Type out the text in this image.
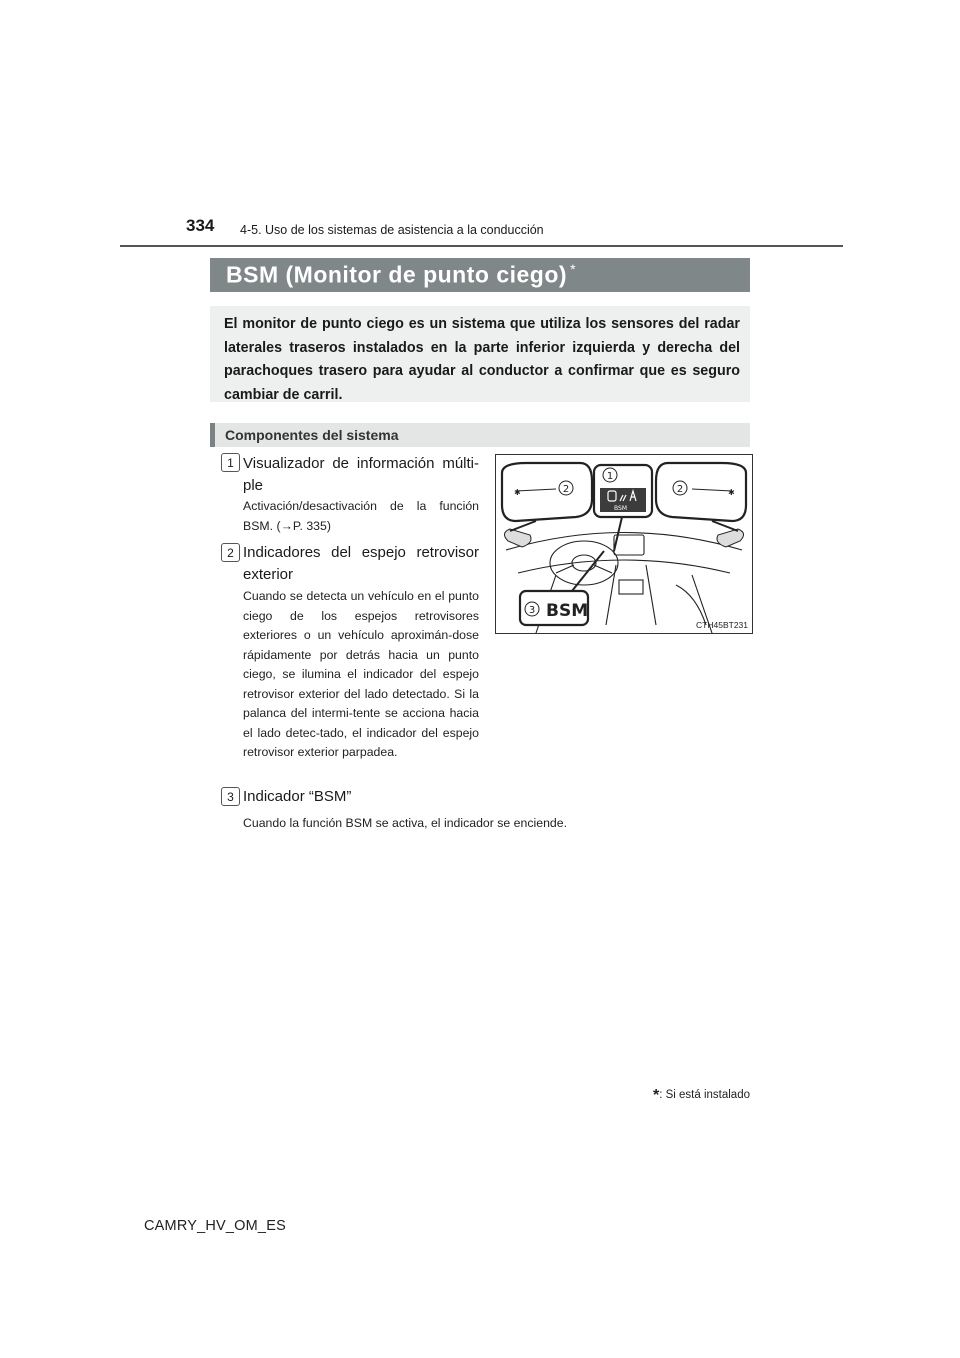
334 4-5. Uso de los sistemas de asistencia a la conducción
BSM (Monitor de punto ciego) *
El monitor de punto ciego es un sistema que utiliza los sensores del radar laterales traseros instalados en la parte inferior izquierda y derecha del parachoques trasero para ayudar al conductor a confirmar que es seguro cambiar de carril.
Componentes del sistema
1 Visualizador de información múlti-ple
Activación/desactivación de la función BSM. (→P. 335)
2 Indicadores del espejo retrovisor exterior
Cuando se detecta un vehículo en el punto ciego de los espejos retrovisores exteriores o un vehículo aproximán-dose rápidamente por detrás hacia un punto ciego, se ilumina el indicador del espejo retrovisor exterior del lado detectado. Si la palanca del intermi-tente se acciona hacia el lado detec-tado, el indicador del espejo retrovisor exterior parpadea.
3 Indicador “BSM”
Cuando la función BSM se activa, el indicador se enciende.
✱	✱
BSM
BSM
1
2	2
3
CTH45BT231
*: Si está instalado
CAMRY_HV_OM_ES
